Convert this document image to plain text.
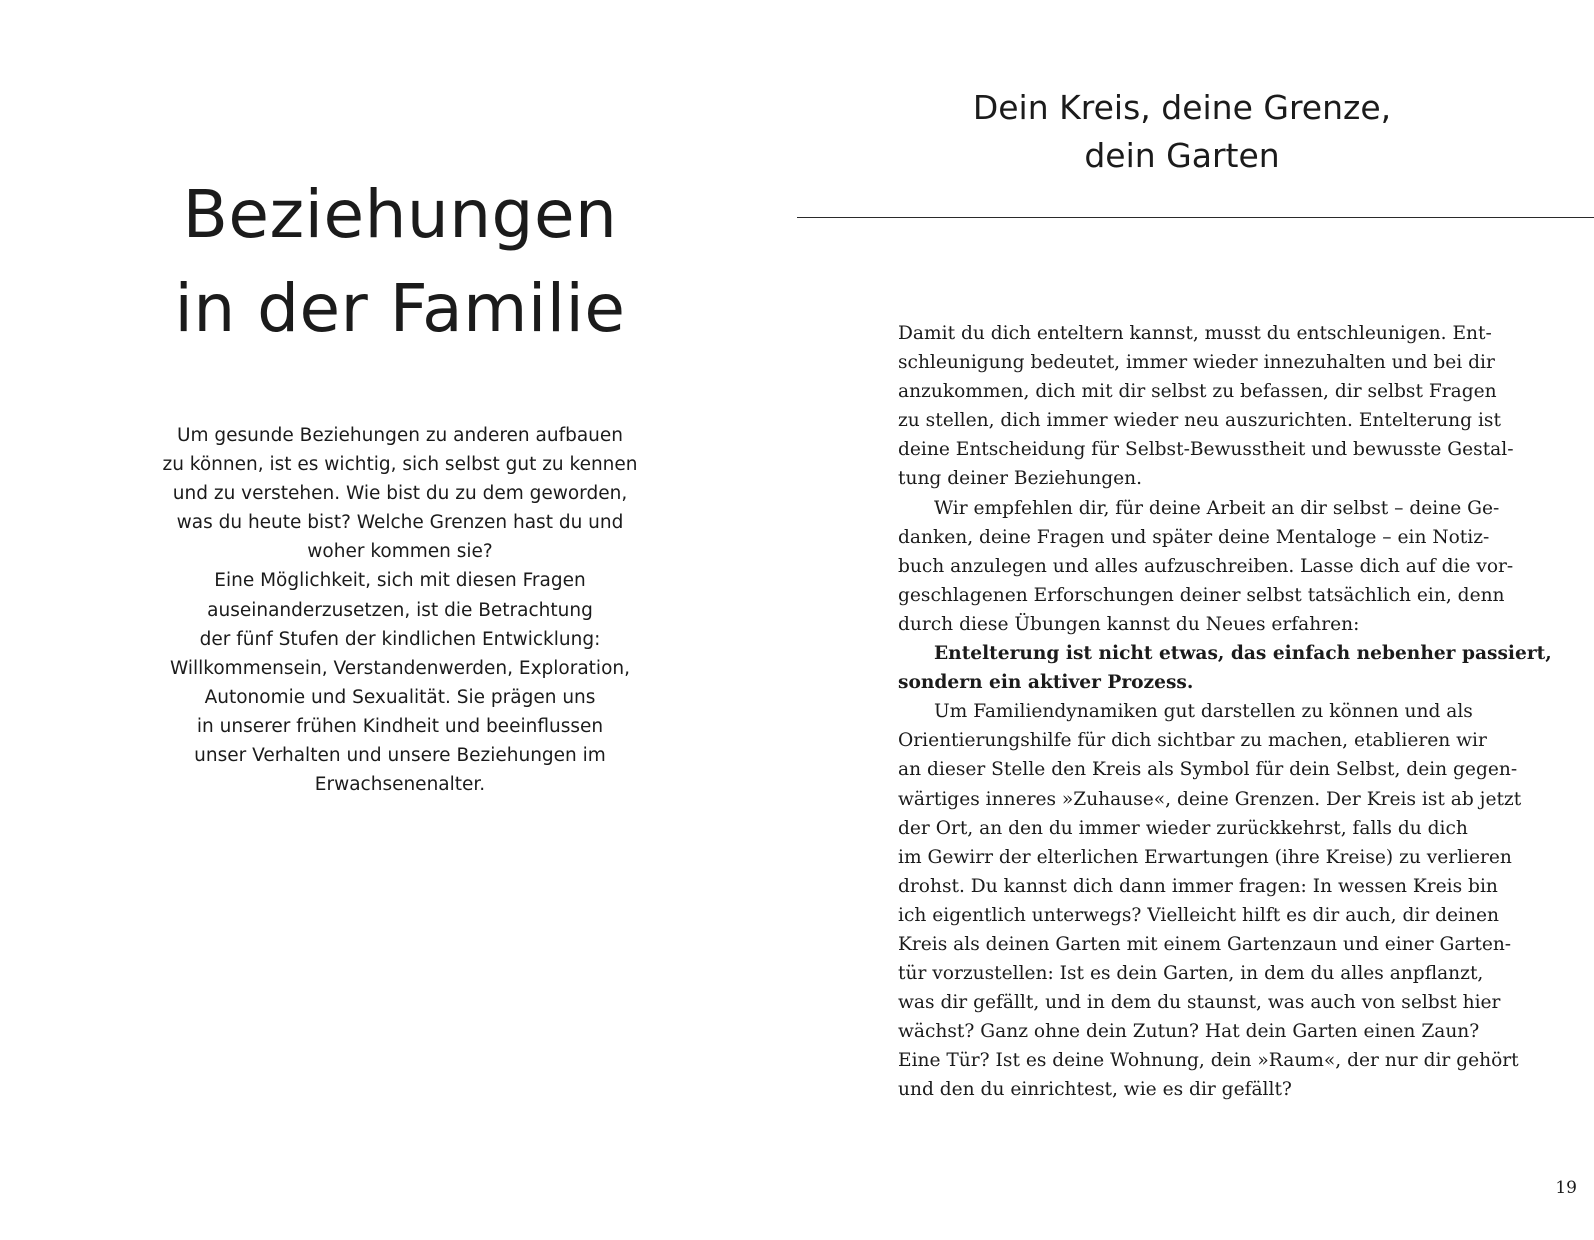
Beziehungen
in der Familie
Um gesunde Beziehungen zu anderen aufbauen
zu können, ist es wichtig, sich selbst gut zu kennen
und zu verstehen. Wie bist du zu dem geworden,
was du heute bist? Welche Grenzen hast du und
woher kommen sie?
Eine Möglichkeit, sich mit diesen Fragen
auseinanderzusetzen, ist die Betrachtung
der fünf Stufen der kindlichen Entwicklung:
Willkommensein, Verstandenwerden, Exploration,
Autonomie und Sexualität. Sie prägen uns
in unserer frühen Kindheit und beeinflussen
unser Verhalten und unsere Beziehungen im
Erwachsenenalter.
Dein Kreis, deine Grenze,
dein Garten
Damit du dich enteltern kannst, musst du entschleunigen. Ent-
schleunigung bedeutet, immer wieder innezuhalten und bei dir
anzukommen, dich mit dir selbst zu befassen, dir selbst Fragen
zu stellen, dich immer wieder neu auszurichten. Entelterung ist
deine Entscheidung für Selbst-Bewusstheit und bewusste Gestal-
tung deiner Beziehungen.
Wir empfehlen dir, für deine Arbeit an dir selbst – deine Ge-
danken, deine Fragen und später deine Mentaloge – ein Notiz-
buch anzulegen und alles aufzuschreiben. Lasse dich auf die vor-
geschlagenen Erforschungen deiner selbst tatsächlich ein, denn
durch diese Übungen kannst du Neues erfahren:
Entelterung ist nicht etwas, das einfach nebenher passiert,
sondern ein aktiver Prozess.
Um Familiendynamiken gut darstellen zu können und als
Orientierungshilfe für dich sichtbar zu machen, etablieren wir
an dieser Stelle den Kreis als Symbol für dein Selbst, dein gegen-
wärtiges inneres »Zuhause«, deine Grenzen. Der Kreis ist ab jetzt
der Ort, an den du immer wieder zurückkehrst, falls du dich
im Gewirr der elterlichen Erwartungen (ihre Kreise) zu verlieren
drohst. Du kannst dich dann immer fragen: In wessen Kreis bin
ich eigentlich unterwegs? Vielleicht hilft es dir auch, dir deinen
Kreis als deinen Garten mit einem Gartenzaun und einer Garten-
tür vorzustellen: Ist es dein Garten, in dem du alles anpflanzt,
was dir gefällt, und in dem du staunst, was auch von selbst hier
wächst? Ganz ohne dein Zutun? Hat dein Garten einen Zaun?
Eine Tür? Ist es deine Wohnung, dein »Raum«, der nur dir gehört
und den du einrichtest, wie es dir gefällt?
19
